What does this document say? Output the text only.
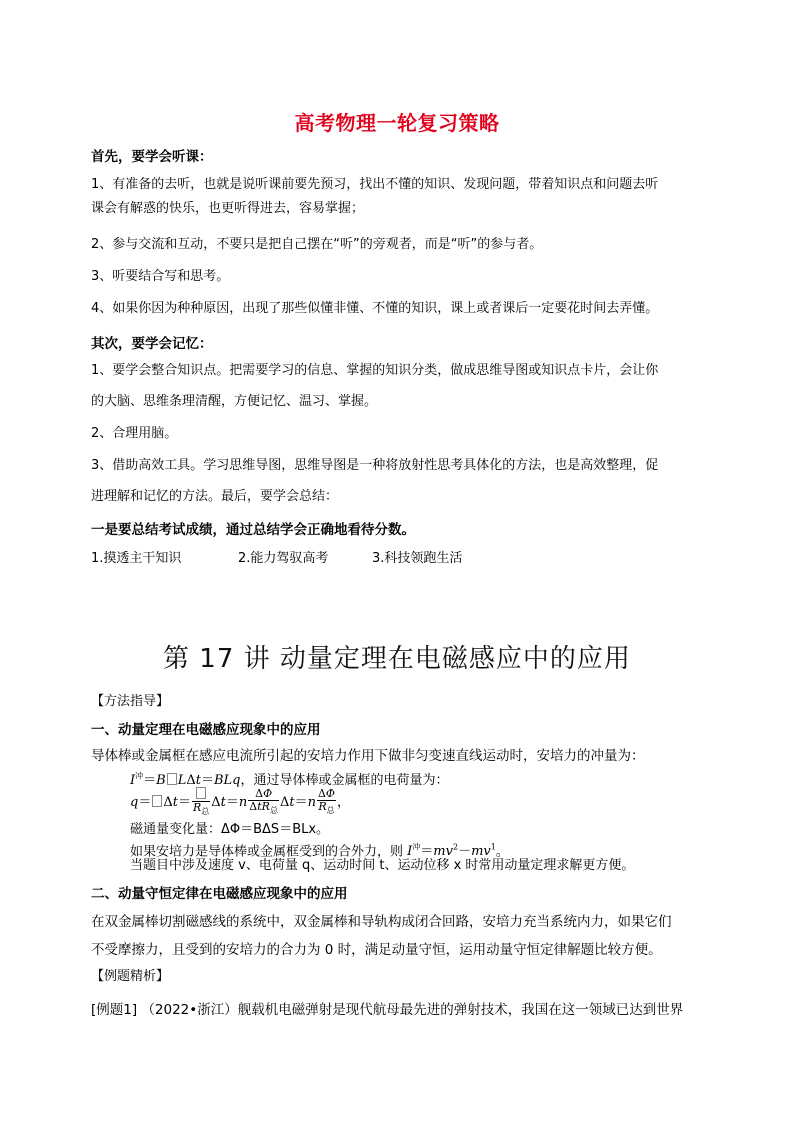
高考物理一轮复习策略
首先，要学会听课：
1、有准备的去听，也就是说听课前要先预习，找出不懂的知识、发现问题，带着知识点和问题去听
课会有解惑的快乐，也更听得进去，容易掌握；
2、参与交流和互动，不要只是把自己摆在“听”的旁观者，而是“听”的参与者。
3、听要结合写和思考。
4、如果你因为种种原因，出现了那些似懂非懂、不懂的知识，课上或者课后一定要花时间去弄懂。
其次，要学会记忆：
1、要学会整合知识点。把需要学习的信息、掌握的知识分类，做成思维导图或知识点卡片，会让你
的大脑、思维条理清醒，方便记忆、温习、掌握。
2、合理用脑。
3、借助高效工具。学习思维导图，思维导图是一种将放射性思考具体化的方法，也是高效整理，促
进理解和记忆的方法。最后，要学会总结：
一是要总结考试成绩，通过总结学会正确地看待分数。
1.摸透主干知识	2.能力驾驭高考	3.科技领跑生活
第 17 讲 动量定理在电磁感应中的应用
【方法指导】
一、动量定理在电磁感应现象中的应用
导体棒或金属框在感应电流所引起的安培力作用下做非匀变速直线运动时，安培力的冲量为：
$I^冲=B$ LΔt＝BLq，通过导体棒或金属框的电荷量为：
$q= \Delta t= R_总$
$\Delta t=n \frac{\Delta\Phi}{\Delta tR_总} \Delta t=n \frac{\Delta\Phi}{R_总}$ ，
磁通量变化量：ΔΦ＝BΔS＝BLx。
如果安培力是导体棒或金属框受到的合外力，则 $I^冲=mv^2-mv^1$。
当题目中涉及速度 v、电荷量 q、运动时间 t、运动位移 x 时常用动量定理求解更方便。
二、动量守恒定律在电磁感应现象中的应用
在双金属棒切割磁感线的系统中，双金属棒和导轨构成闭合回路，安培力充当系统内力，如果它们
不受摩擦力，且受到的安培力的合力为 0 时，满足动量守恒，运用动量守恒定律解题比较方便。
【例题精析】
[例题1] （2022•浙江）舰载机电磁弹射是现代航母最先进的弹射技术，我国在这一领域已达到世界
